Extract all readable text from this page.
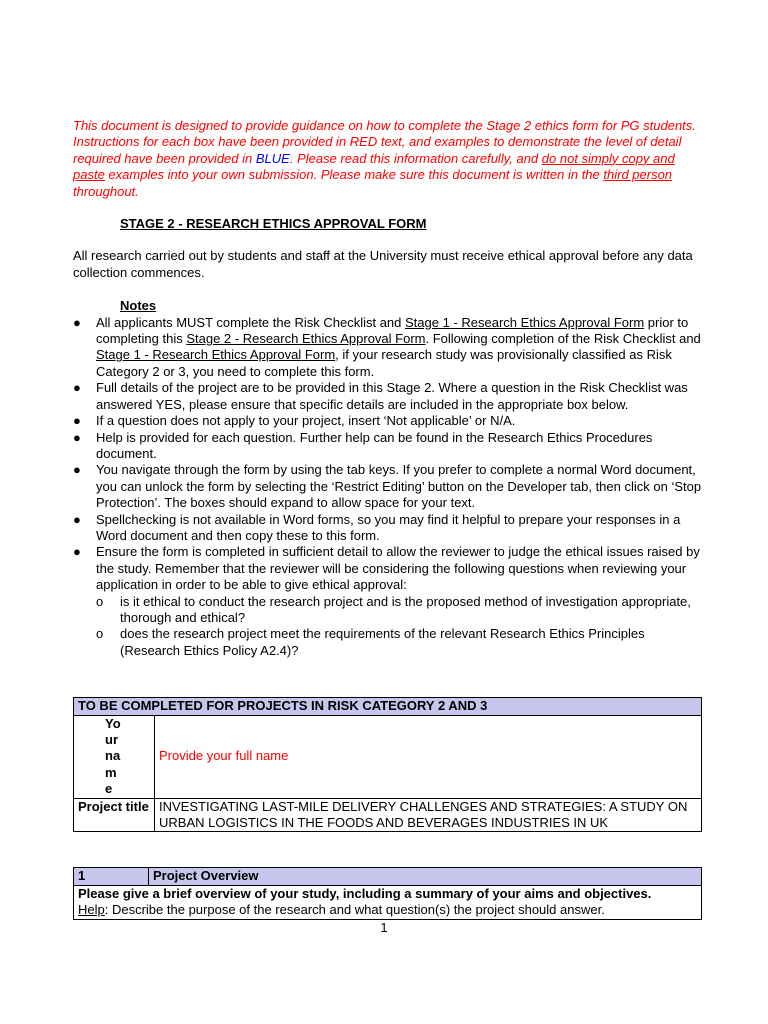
This document is designed to provide guidance on how to complete the Stage 2 ethics form for PG students. Instructions for each box have been provided in RED text, and examples to demonstrate the level of detail required have been provided in BLUE. Please read this information carefully, and do not simply copy and paste examples into your own submission. Please make sure this document is written in the third person throughout.

STAGE 2 - RESEARCH ETHICS APPROVAL FORM

All research carried out by students and staff at the University must receive ethical approval before any data collection commences.

Notes
● All applicants MUST complete the Risk Checklist and Stage 1 - Research Ethics Approval Form prior to completing this Stage 2 - Research Ethics Approval Form. Following completion of the Risk Checklist and Stage 1 - Research Ethics Approval Form, if your research study was provisionally classified as Risk Category 2 or 3, you need to complete this form.
● Full details of the project are to be provided in this Stage 2. Where a question in the Risk Checklist was answered YES, please ensure that specific details are included in the appropriate box below.
● If a question does not apply to your project, insert ‘Not applicable’ or N/A.
● Help is provided for each question. Further help can be found in the Research Ethics Procedures document.
● You navigate through the form by using the tab keys. If you prefer to complete a normal Word document, you can unlock the form by selecting the ‘Restrict Editing’ button on the Developer tab, then click on ‘Stop Protection’. The boxes should expand to allow space for your text.
● Spellchecking is not available in Word forms, so you may find it helpful to prepare your responses in a Word document and then copy these to this form.
● Ensure the form is completed in sufficient detail to allow the reviewer to judge the ethical issues raised by the study. Remember that the reviewer will be considering the following questions when reviewing your application in order to be able to give ethical approval:
o is it ethical to conduct the research project and is the proposed method of investigation appropriate, thorough and ethical?
o does the research project meet the requirements of the relevant Research Ethics Principles (Research Ethics Policy A2.4)?
TO BE COMPLETED FOR PROJECTS IN RISK CATEGORY 2 AND 3	

Your name	Provide your full name
Project title	INVESTIGATING LAST-MILE DELIVERY CHALLENGES AND STRATEGIES: A STUDY ON URBAN LOGISTICS IN THE FOODS AND BEVERAGES INDUSTRIES IN UK
1	Project Overview

Please give a brief overview of your study, including a summary of your aims and objectives.
Help: Describe the purpose of the research and what question(s) the project should answer.
1
